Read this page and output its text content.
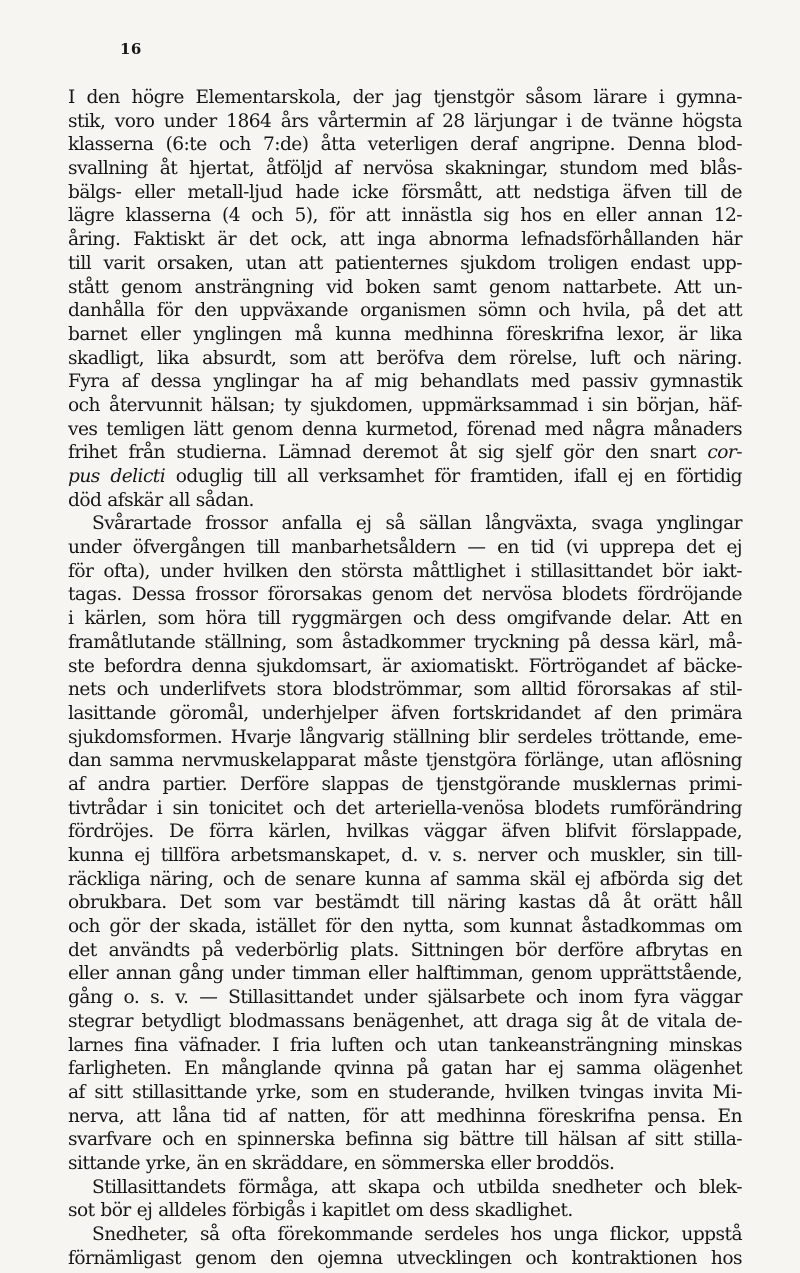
16
I den högre Elementarskola, der jag tjenstgör såsom lärare i gymna-
stik, voro under 1864 års vårtermin af 28 lärjungar i de tvänne högsta
klasserna (6:te och 7:de) åtta veterligen deraf angripne. Denna blod-
svallning åt hjertat, åtföljd af nervösa skakningar, stundom med blås-
bälgs- eller metall-ljud hade icke försmått, att nedstiga äfven till de
lägre klasserna (4 och 5), för att innästla sig hos en eller annan 12-
åring. Faktiskt är det ock, att inga abnorma lefnadsförhållanden här
till varit orsaken, utan att patienternes sjukdom troligen endast upp-
stått genom ansträngning vid boken samt genom nattarbete. Att un-
danhålla för den uppväxande organismen sömn och hvila, på det att
barnet eller ynglingen må kunna medhinna föreskrifna lexor, är lika
skadligt, lika absurdt, som att beröfva dem rörelse, luft och näring.
Fyra af dessa ynglingar ha af mig behandlats med passiv gymnastik
och återvunnit hälsan; ty sjukdomen, uppmärksammad i sin början, häf-
ves temligen lätt genom denna kurmetod, förenad med några månaders
frihet från studierna. Lämnad deremot åt sig sjelf gör den snart cor-
pus delicti oduglig till all verksamhet för framtiden, ifall ej en förtidig
död afskär all sådan.
Svårartade frossor anfalla ej så sällan långväxta, svaga ynglingar
under öfvergången till manbarhetsåldern — en tid (vi upprepa det ej
för ofta), under hvilken den största måttlighet i stillasittandet bör iakt-
tagas. Dessa frossor förorsakas genom det nervösa blodets fördröjande
i kärlen, som höra till ryggmärgen och dess omgifvande delar. Att en
framåtlutande ställning, som åstadkommer tryckning på dessa kärl, må-
ste befordra denna sjukdomsart, är axiomatiskt. Förtrögandet af bäcke-
nets och underlifvets stora blodströmmar, som alltid förorsakas af stil-
lasittande göromål, underhjelper äfven fortskridandet af den primära
sjukdomsformen. Hvarje långvarig ställning blir serdeles tröttande, eme-
dan samma nervmuskelapparat måste tjenstgöra förlänge, utan aflösning
af andra partier. Derföre slappas de tjenstgörande musklernas primi-
tivtrådar i sin tonicitet och det arteriella-venösa blodets rumförändring
fördröjes. De förra kärlen, hvilkas väggar äfven blifvit förslappade,
kunna ej tillföra arbetsmanskapet, d. v. s. nerver och muskler, sin till-
räckliga näring, och de senare kunna af samma skäl ej afbörda sig det
obrukbara. Det som var bestämdt till näring kastas då åt orätt håll
och gör der skada, istället för den nytta, som kunnat åstadkommas om
det användts på vederbörlig plats. Sittningen bör derföre afbrytas en
eller annan gång under timman eller halftimman, genom upprättstående,
gång o. s. v. — Stillasittandet under själsarbete och inom fyra väggar
stegrar betydligt blodmassans benägenhet, att draga sig åt de vitala de-
larnes fina väfnader. I fria luften och utan tankeansträngning minskas
farligheten. En månglande qvinna på gatan har ej samma olägenhet
af sitt stillasittande yrke, som en studerande, hvilken tvingas invita Mi-
nerva, att låna tid af natten, för att medhinna föreskrifna pensa. En
svarfvare och en spinnerska befinna sig bättre till hälsan af sitt stilla-
sittande yrke, än en skräddare, en sömmerska eller broddös.
Stillasittandets förmåga, att skapa och utbilda snedheter och blek-
sot bör ej alldeles förbigås i kapitlet om dess skadlighet.
Snedheter, så ofta förekommande serdeles hos unga flickor, uppstå
förnämligast genom den ojemna utvecklingen och kontraktionen hos
